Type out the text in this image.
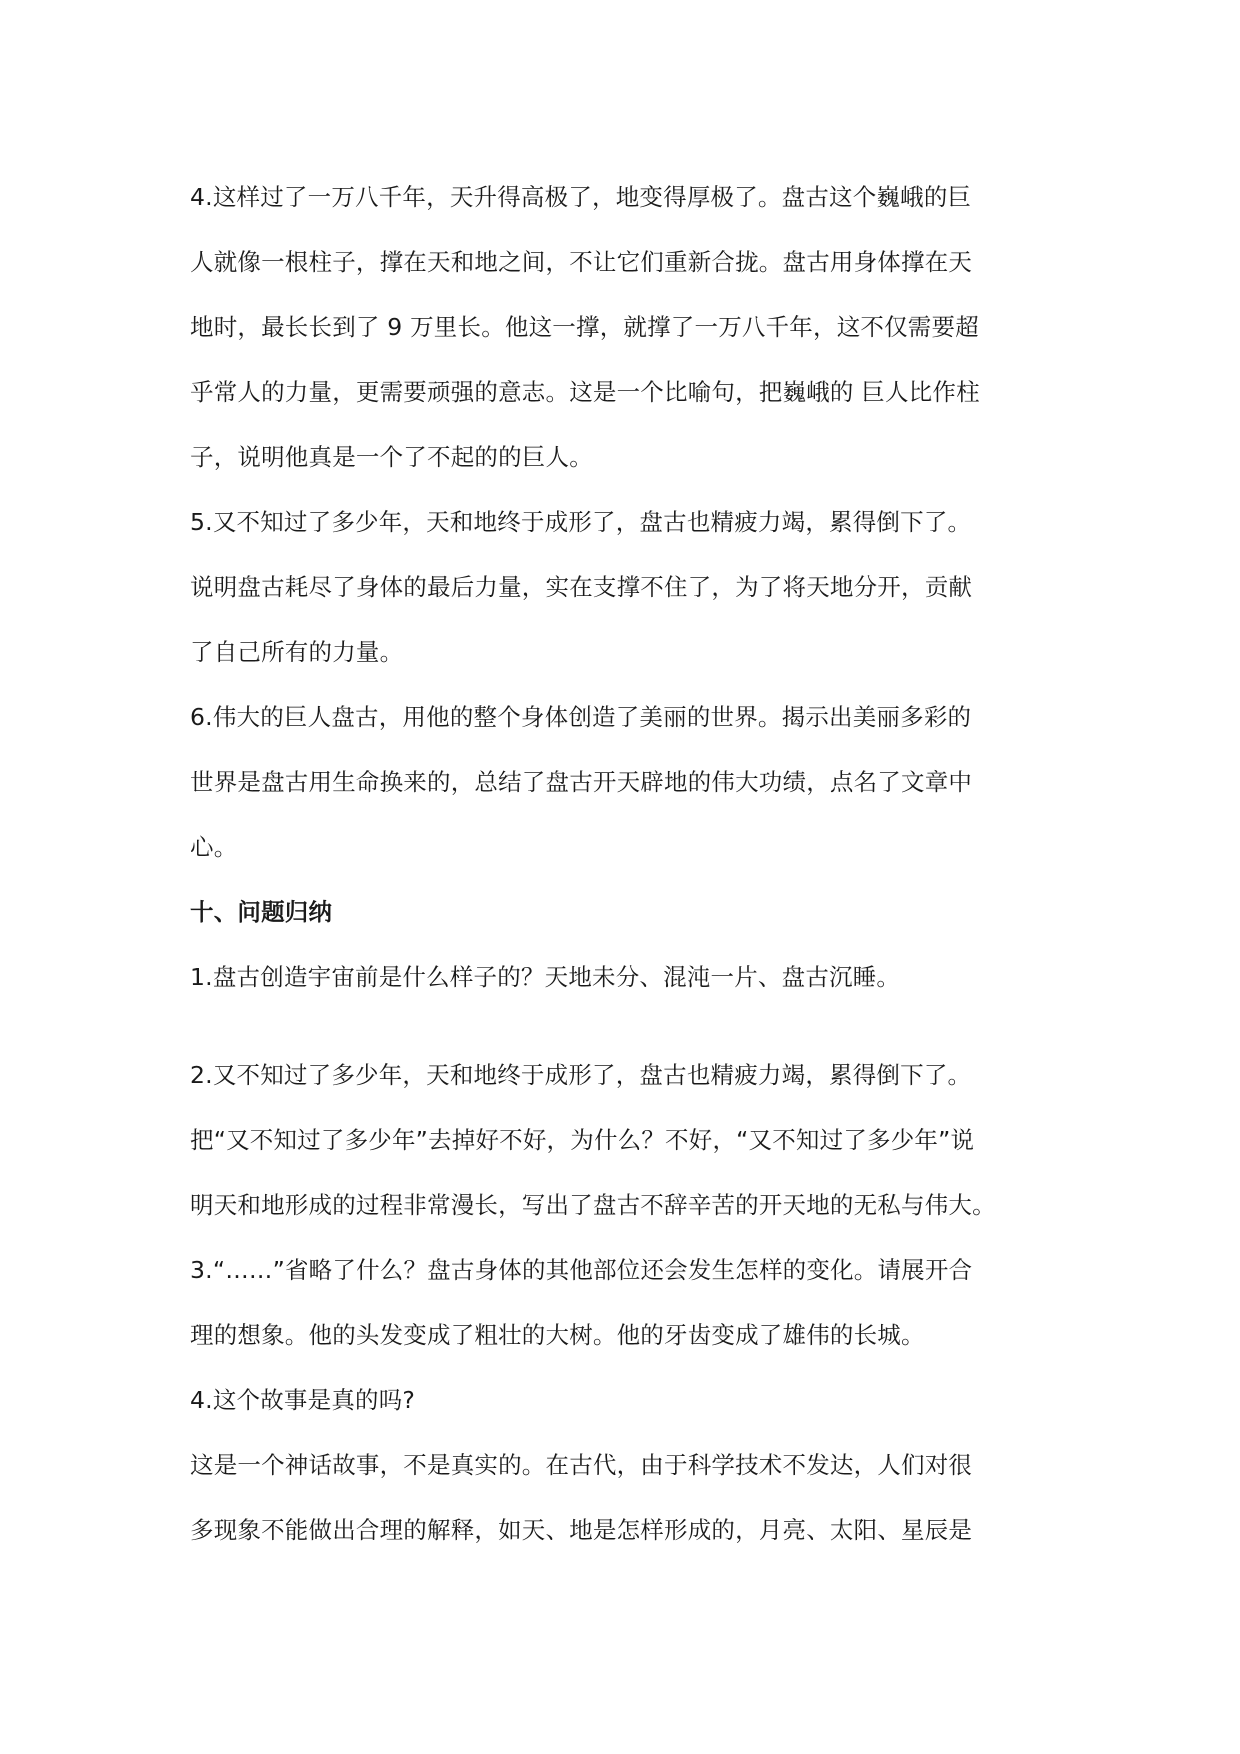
4.这样过了一万八千年，天升得高极了，地变得厚极了。盘古这个巍峨的巨
人就像一根柱子，撑在天和地之间，不让它们重新合拢。盘古用身体撑在天
地时，最长长到了 9 万里长。他这一撑，就撑了一万八千年，这不仅需要超
乎常人的力量，更需要顽强的意志。这是一个比喻句，把巍峨的 巨人比作柱
子，说明他真是一个了不起的的巨人。
5.又不知过了多少年，天和地终于成形了，盘古也精疲力竭，累得倒下了。
说明盘古耗尽了身体的最后力量，实在支撑不住了，为了将天地分开，贡献
了自己所有的力量。
6.伟大的巨人盘古，用他的整个身体创造了美丽的世界。揭示出美丽多彩的
世界是盘古用生命换来的，总结了盘古开天辟地的伟大功绩，点名了文章中
心。
十、问题归纳
1.盘古创造宇宙前是什么样子的？天地未分、混沌一片、盘古沉睡。
2.又不知过了多少年，天和地终于成形了，盘古也精疲力竭，累得倒下了。
把“又不知过了多少年”去掉好不好，为什么？不好，“又不知过了多少年”说
明天和地形成的过程非常漫长，写出了盘古不辞辛苦的开天地的无私与伟大。
3.“……”省略了什么？盘古身体的其他部位还会发生怎样的变化。请展开合
理的想象。他的头发变成了粗壮的大树。他的牙齿变成了雄伟的长城。
4.这个故事是真的吗?
这是一个神话故事，不是真实的。在古代，由于科学技术不发达，人们对很
多现象不能做出合理的解释，如天、地是怎样形成的，月亮、太阳、星辰是
